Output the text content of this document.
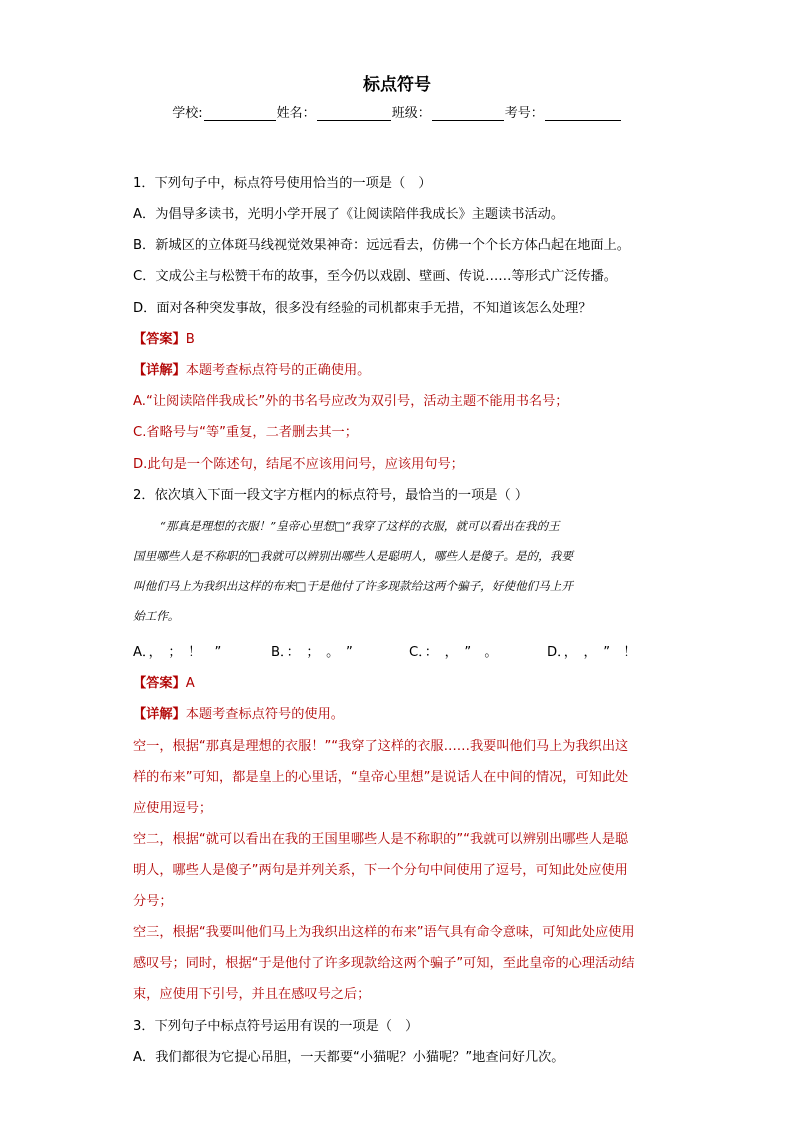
标点符号
学校:	姓名：	班级：	考号：
1．下列句子中，标点符号使用恰当的一项是（　）
A．为倡导多读书，光明小学开展了《让阅读陪伴我成长》主题读书活动。
B．新城区的立体斑马线视觉效果神奇：远远看去，仿佛一个个长方体凸起在地面上。
C．文成公主与松赞干布的故事，至今仍以戏剧、壁画、传说……等形式广泛传播。
D．面对各种突发事故，很多没有经验的司机都束手无措，不知道该怎么处理？
【答案】B
【详解】本题考查标点符号的正确使用。
A.“让阅读陪伴我成长”外的书名号应改为双引号，活动主题不能用书名号；
C.省略号与“等”重复，二者删去其一；
D.此句是一个陈述句，结尾不应该用问号，应该用句号；
2．依次填入下面一段文字方框内的标点符号，最恰当的一项是（ ）
“那真是理想的衣服！”皇帝心里想□“我穿了这样的衣服，就可以看出在我的王
国里哪些人是不称职的□我就可以辨别出哪些人是聪明人，哪些人是傻子。是的，我要
叫他们马上为我织出这样的布来□于是他付了许多现款给这两个骗子，好使他们马上开
始工作。
A．，　；　！　”	B．：　；　。　”	C．：　，　”　。	D．，　，　”　！
【答案】A
【详解】本题考查标点符号的使用。
空一，根据“那真是理想的衣服！”“我穿了这样的衣服……我要叫他们马上为我织出这
样的布来”可知，都是皇上的心里话，“皇帝心里想”是说话人在中间的情况，可知此处
应使用逗号；
空二，根据“就可以看出在我的王国里哪些人是不称职的”“我就可以辨别出哪些人是聪
明人，哪些人是傻子”两句是并列关系，下一个分句中间使用了逗号，可知此处应使用
分号；
空三，根据“我要叫他们马上为我织出这样的布来”语气具有命令意味，可知此处应使用
感叹号；同时，根据“于是他付了许多现款给这两个骗子”可知，至此皇帝的心理活动结
束，应使用下引号，并且在感叹号之后；
3．下列句子中标点符号运用有误的一项是（　）
A．我们都很为它提心吊胆，一天都要“小猫呢？小猫呢？”地查问好几次。
